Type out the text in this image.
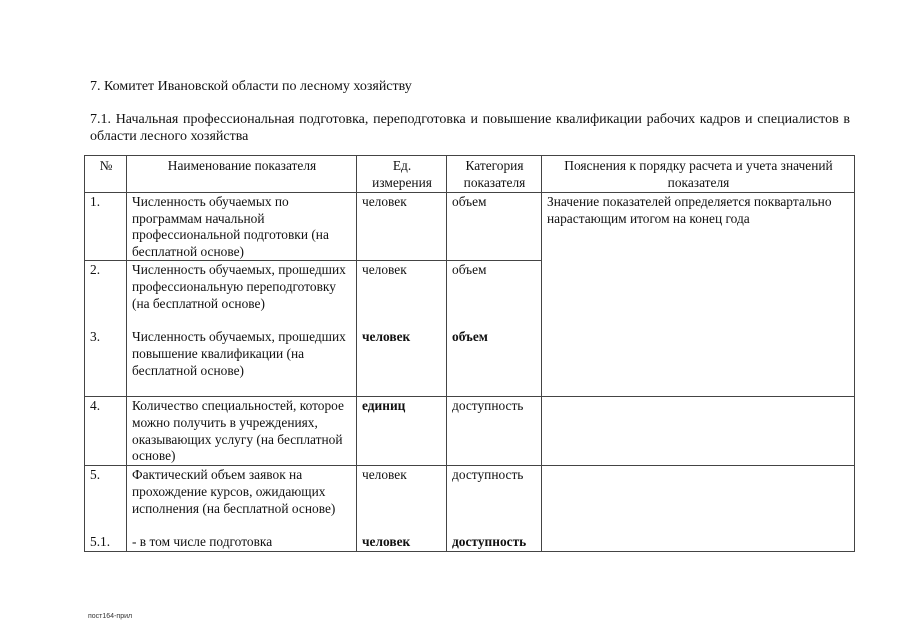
7. Комитет Ивановской области по лесному хозяйству
7.1. Начальная профессиональная подготовка, переподготовка и повышение квалификации рабочих кадров и специалистов в области лесного хозяйства
№	Наименование показателя	Ед. измерения	Категория показателя	Пояснения к порядку расчета и учета значений показателя
1.	Численность обучаемых по программам начальной профессиональной подготовки (на бесплатной основе)	человек	объем	Значение показателей определяется поквартально нарастающим итогом на конец года
2.	Численность обучаемых, прошедших профессиональную переподготовку (на бесплатной основе)	человек	объем	
3.	Численность обучаемых, прошедших повышение квалификации (на бесплатной основе)	человек	объем	
4.	Количество специальностей, которое можно получить в учреждениях, оказывающих услугу (на бесплатной основе)	единиц	доступность	
5.	Фактический объем заявок на прохождение курсов, ожидающих исполнения (на бесплатной основе)	человек	доступность	
5.1.	- в том числе подготовка	человек	доступность	
пост164-прил
